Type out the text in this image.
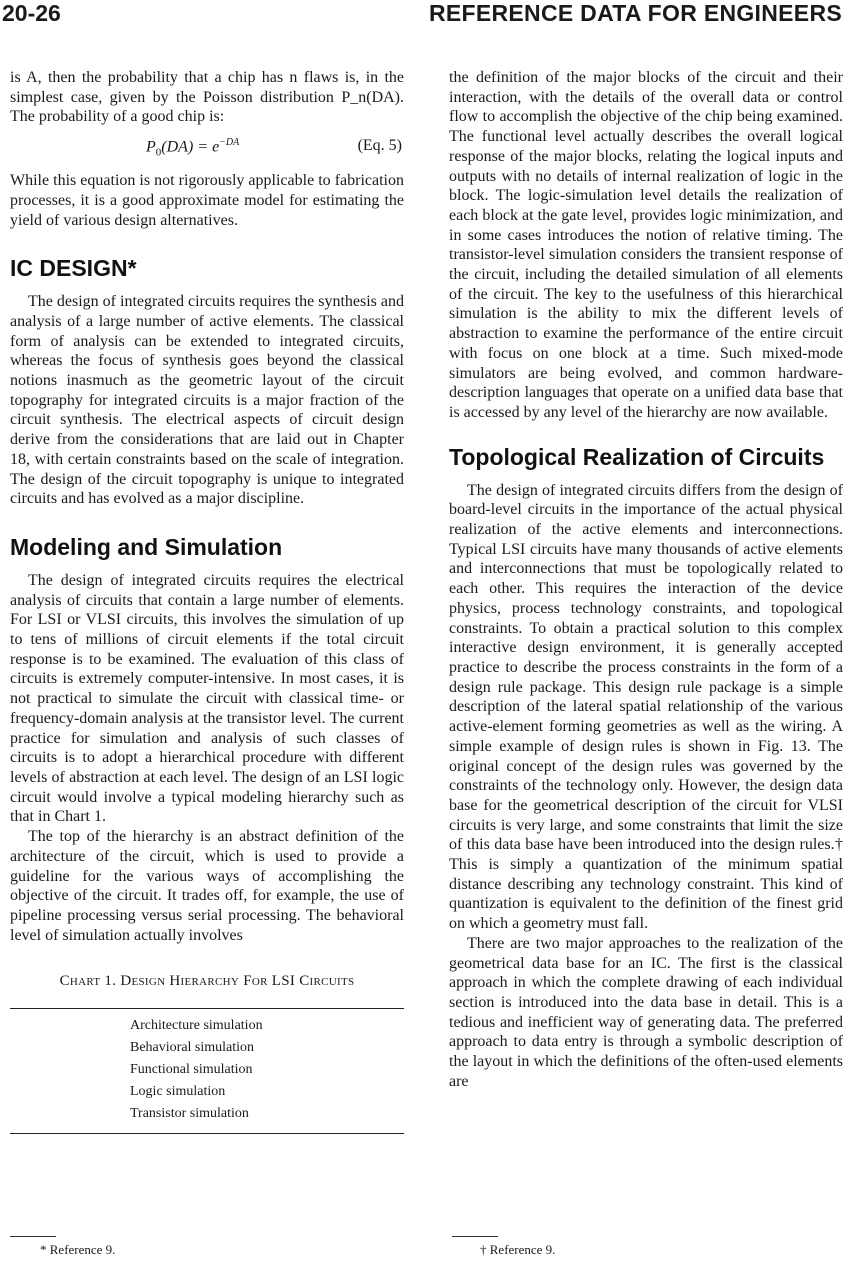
20-26	REFERENCE DATA FOR ENGINEERS

is A, then the probability that a chip has n flaws is, in the simplest case, given by the Poisson distribution P_n(DA). The probability of a good chip is:

$P_0(DA) = e^{-DA}$	(Eq. 5)

While this equation is not rigorously applicable to fabrication processes, it is a good approximate model for estimating the yield of various design alternatives.

IC DESIGN*

The design of integrated circuits requires the synthesis and analysis of a large number of active elements. The classical form of analysis can be extended to integrated circuits, whereas the focus of synthesis goes beyond the classical notions inasmuch as the geometric layout of the circuit topography for integrated circuits is a major fraction of the circuit synthesis. The electrical aspects of circuit design derive from the considerations that are laid out in Chapter 18, with certain constraints based on the scale of integration. The design of the circuit topography is unique to integrated circuits and has evolved as a major discipline.

Modeling and Simulation

The design of integrated circuits requires the electrical analysis of circuits that contain a large number of elements. For LSI or VLSI circuits, this involves the simulation of up to tens of millions of circuit elements if the total circuit response is to be examined. The evaluation of this class of circuits is extremely computer-intensive. In most cases, it is not practical to simulate the circuit with classical time- or frequency-domain analysis at the transistor level. The current practice for simulation and analysis of such classes of circuits is to adopt a hierarchical procedure with different levels of abstraction at each level. The design of an LSI logic circuit would involve a typical modeling hierarchy such as that in Chart 1.

The top of the hierarchy is an abstract definition of the architecture of the circuit, which is used to provide a guideline for the various ways of accomplishing the objective of the circuit. It trades off, for example, the use of pipeline processing versus serial processing. The behavioral level of simulation actually involves

Chart 1. Design Hierarchy For LSI Circuits
Architecture simulation
Behavioral simulation
Functional simulation
Logic simulation
Transistor simulation

the definition of the major blocks of the circuit and their interaction, with the details of the overall data or control flow to accomplish the objective of the chip being examined. The functional level actually describes the overall logical response of the major blocks, relating the logical inputs and outputs with no details of internal realization of logic in the block. The logic-simulation level details the realization of each block at the gate level, provides logic minimization, and in some cases introduces the notion of relative timing. The transistor-level simulation considers the transient response of the circuit, including the detailed simulation of all elements of the circuit. The key to the usefulness of this hierarchical simulation is the ability to mix the different levels of abstraction to examine the performance of the entire circuit with focus on one block at a time. Such mixed-mode simulators are being evolved, and common hardware-description languages that operate on a unified data base that is accessed by any level of the hierarchy are now available.

Topological Realization of Circuits

The design of integrated circuits differs from the design of board-level circuits in the importance of the actual physical realization of the active elements and interconnections. Typical LSI circuits have many thousands of active elements and interconnections that must be topologically related to each other. This requires the interaction of the device physics, process technology constraints, and topological constraints. To obtain a practical solution to this complex interactive design environment, it is generally accepted practice to describe the process constraints in the form of a design rule package. This design rule package is a simple description of the lateral spatial relationship of the various active-element forming geometries as well as the wiring. A simple example of design rules is shown in Fig. 13. The original concept of the design rules was governed by the constraints of the technology only. However, the design data base for the geometrical description of the circuit for VLSI circuits is very large, and some constraints that limit the size of this data base have been introduced into the design rules.† This is simply a quantization of the minimum spatial distance describing any technology constraint. This kind of quantization is equivalent to the definition of the finest grid on which a geometry must fall.

There are two major approaches to the realization of the geometrical data base for an IC. The first is the classical approach in which the complete drawing of each individual section is introduced into the data base in detail. This is a tedious and inefficient way of generating data. The preferred approach to data entry is through a symbolic description of the layout in which the definitions of the often-used elements are

* Reference 9.	† Reference 9.
